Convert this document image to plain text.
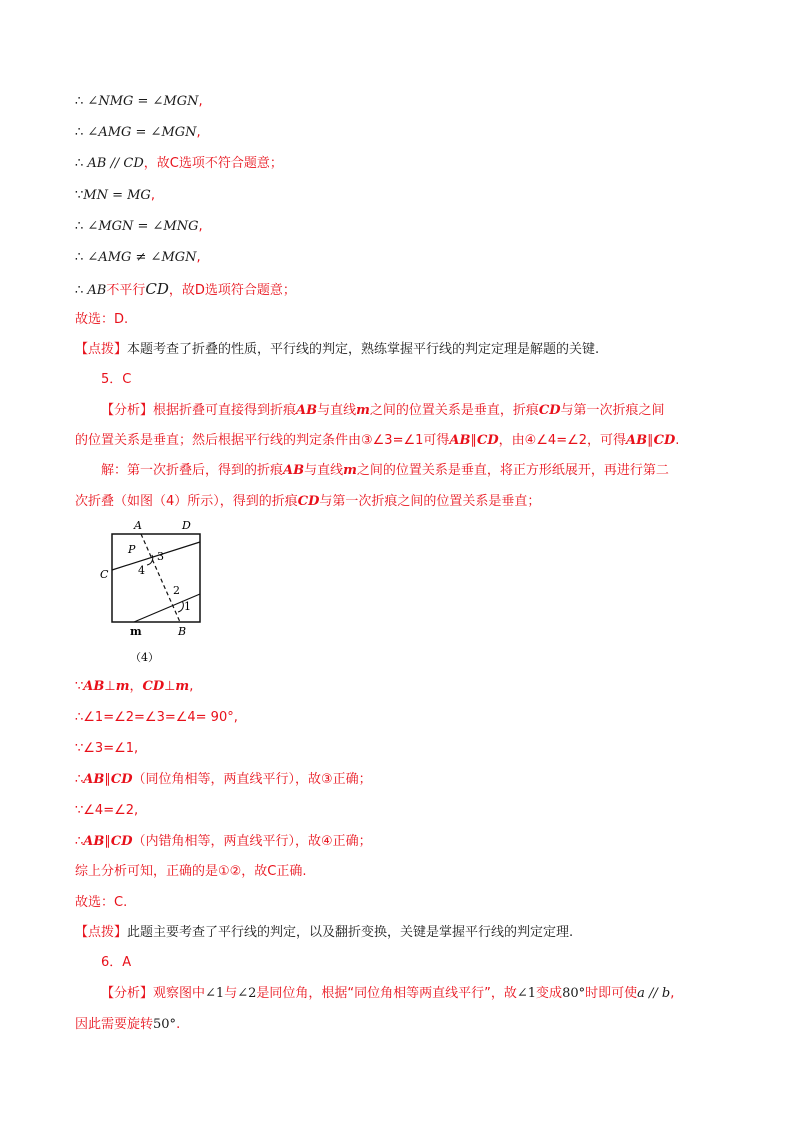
∴ ∠NMG = ∠MGN,
∴ ∠AMG = ∠MGN,
∴ AB // CD，故C选项不符合题意；
∵MN = MG,
∴ ∠MGN = ∠MNG,
∴ ∠AMG ≠ ∠MGN,
∴ AB不平行CD，故D选项符合题意；
故选：D.
【点拨】本题考查了折叠的性质，平行线的判定，熟练掌握平行线的判定定理是解题的关键.
5．C
【分析】根据折叠可直接得到折痕AB与直线m之间的位置关系是垂直，折痕CD与第一次折痕之间
的位置关系是垂直；然后根据平行线的判定条件由③∠3=∠1可得AB∥CD，由④∠4=∠2，可得AB∥CD.
解：第一次折叠后，得到的折痕AB与直线m之间的位置关系是垂直，将正方形纸展开，再进行第二
次折叠（如图（4）所示），得到的折痕CD与第一次折痕之间的位置关系是垂直；
A	D
P
3
4
C
2
1
m	B
（4）
∵AB⊥m，CD⊥m,
∴∠1=∠2=∠3=∠4= 90°,
∵∠3=∠1,
∴AB∥CD（同位角相等，两直线平行），故③正确；
∵∠4=∠2,
∴AB∥CD（内错角相等，两直线平行），故④正确；
综上分析可知，正确的是①②，故C正确.
故选：C.
【点拨】此题主要考查了平行线的判定，以及翻折变换，关键是掌握平行线的判定定理.
6．A
【分析】观察图中∠1与∠2是同位角，根据“同位角相等两直线平行”，故∠1变成80°时即可使a // b,
因此需要旋转50°.
